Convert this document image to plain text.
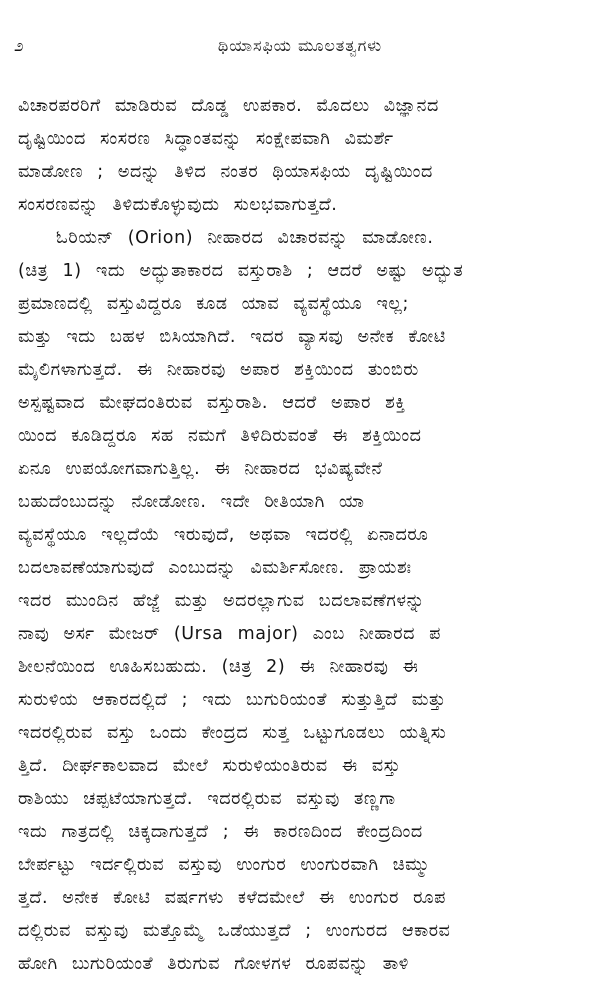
೨	ಥಿಯಾಸಫಿಯ ಮೂಲತತ್ವಗಳು
ವಿಚಾರಪರರಿಗೆ ಮಾಡಿರುವ ದೊಡ್ಡ ಉಪಕಾರ. ಮೊದಲು ವಿಜ್ಞಾನದ
ದೃಷ್ಟಿಯಿಂದ ಸಂಸರಣ ಸಿದ್ಧಾಂತವನ್ನು ಸಂಕ್ಷೇಪವಾಗಿ ವಿಮರ್ಶೆ
ಮಾಡೋಣ ; ಅದನ್ನು ತಿಳಿದ ನಂತರ ಥಿಯಾಸಫಿಯ ದೃಷ್ಟಿಯಿಂದ
ಸಂಸರಣವನ್ನು ತಿಳಿದುಕೊಳ್ಳುವುದು ಸುಲಭವಾಗುತ್ತದೆ.
ಓರಿಯನ್ (Orion) ನೀಹಾರದ ವಿಚಾರವನ್ನು ಮಾಡೋಣ.
(ಚಿತ್ರ 1) ಇದು ಅದ್ಭುತಾಕಾರದ ವಸ್ತುರಾಶಿ ; ಆದರೆ ಅಷ್ಟು ಅದ್ಭುತ
ಪ್ರಮಾಣದಲ್ಲಿ ವಸ್ತುವಿದ್ದರೂ ಕೂಡ ಯಾವ ವ್ಯವಸ್ಥೆಯೂ ಇಲ್ಲ;
ಮತ್ತು ಇದು ಬಹಳ ಬಿಸಿಯಾಗಿದೆ. ಇದರ ವ್ಯಾಸವು ಅನೇಕ ಕೋಟಿ
ಮೈಲಿಗಳಾಗುತ್ತದೆ. ಈ ನೀಹಾರವು ಅಪಾರ ಶಕ್ತಿಯಿಂದ ತುಂಬಿರು
ಅಸ್ಪಷ್ಟವಾದ ಮೇಘದಂತಿರುವ ವಸ್ತುರಾಶಿ. ಆದರೆ ಅಪಾರ ಶಕ್ತಿ
ಯಿಂದ ಕೂಡಿದ್ದರೂ ಸಹ ನಮಗೆ ತಿಳಿದಿರುವಂತೆ ಈ ಶಕ್ತಿಯಿಂದ
ಏನೂ ಉಪಯೋಗವಾಗುತ್ತಿಲ್ಲ. ಈ ನೀಹಾರದ ಭವಿಷ್ಯವೇನೆ
ಬಹುದೆಂಬುದನ್ನು ನೋಡೋಣ. ಇದೇ ರೀತಿಯಾಗಿ ಯಾ
ವ್ಯವಸ್ಥೆಯೂ ಇಲ್ಲದೆಯೆ ಇರುವುದೆ, ಅಥವಾ ಇದರಲ್ಲಿ ಏನಾದರೂ
ಬದಲಾವಣೆಯಾಗುವುದೆ ಎಂಬುದನ್ನು ವಿಮರ್ಶಿಸೋಣ. ಪ್ರಾಯಶಃ
ಇದರ ಮುಂದಿನ ಹೆಜ್ಜೆ ಮತ್ತು ಅದರಲ್ಲಾಗುವ ಬದಲಾವಣೆಗಳನ್ನು
ನಾವು ಅರ್ಸ ಮೇಜರ್ (Ursa major) ಎಂಬ ನೀಹಾರದ ಪ
ಶೀಲನೆಯಿಂದ ಊಹಿಸಬಹುದು. (ಚಿತ್ರ 2) ಈ ನೀಹಾರವು ಈ
ಸುರುಳಿಯ ಆಕಾರದಲ್ಲಿದೆ ; ಇದು ಬುಗುರಿಯಂತೆ ಸುತ್ತುತ್ತಿದೆ ಮತ್ತು
ಇದರಲ್ಲಿರುವ ವಸ್ತು ಒಂದು ಕೇಂದ್ರದ ಸುತ್ತ ಒಟ್ಟುಗೂಡಲು ಯತ್ನಿಸು
ತ್ತಿದೆ. ದೀರ್ಘಕಾಲವಾದ ಮೇಲೆ ಸುರುಳಿಯಂತಿರುವ ಈ ವಸ್ತು
ರಾಶಿಯು ಚಪ್ಪಟೆಯಾಗುತ್ತದೆ. ಇದರಲ್ಲಿರುವ ವಸ್ತುವು ತಣ್ಣಗಾ
ಇದು ಗಾತ್ರದಲ್ಲಿ ಚಿಕ್ಕದಾಗುತ್ತದೆ ; ಈ ಕಾರಣದಿಂದ ಕೇಂದ್ರದಿಂದ
ಬೇರ್ಪಟ್ಟು ಇರ್ದಲ್ಲಿರುವ ವಸ್ತುವು ಉಂಗುರ ಉಂಗುರವಾಗಿ ಚಿಮ್ಮು
ತ್ತದೆ. ಅನೇಕ ಕೋಟಿ ವರ್ಷಗಳು ಕಳೆದಮೇಲೆ ಈ ಉಂಗುರ ರೂಪ
ದಲ್ಲಿರುವ ವಸ್ತುವು ಮತ್ತೊಮ್ಮೆ ಒಡೆಯುತ್ತದೆ ; ಉಂಗುರದ ಆಕಾರವ
ಹೋಗಿ ಬುಗುರಿಯಂತೆ ತಿರುಗುವ ಗೋಳಗಳ ರೂಪವನ್ನು ತಾಳಿ
